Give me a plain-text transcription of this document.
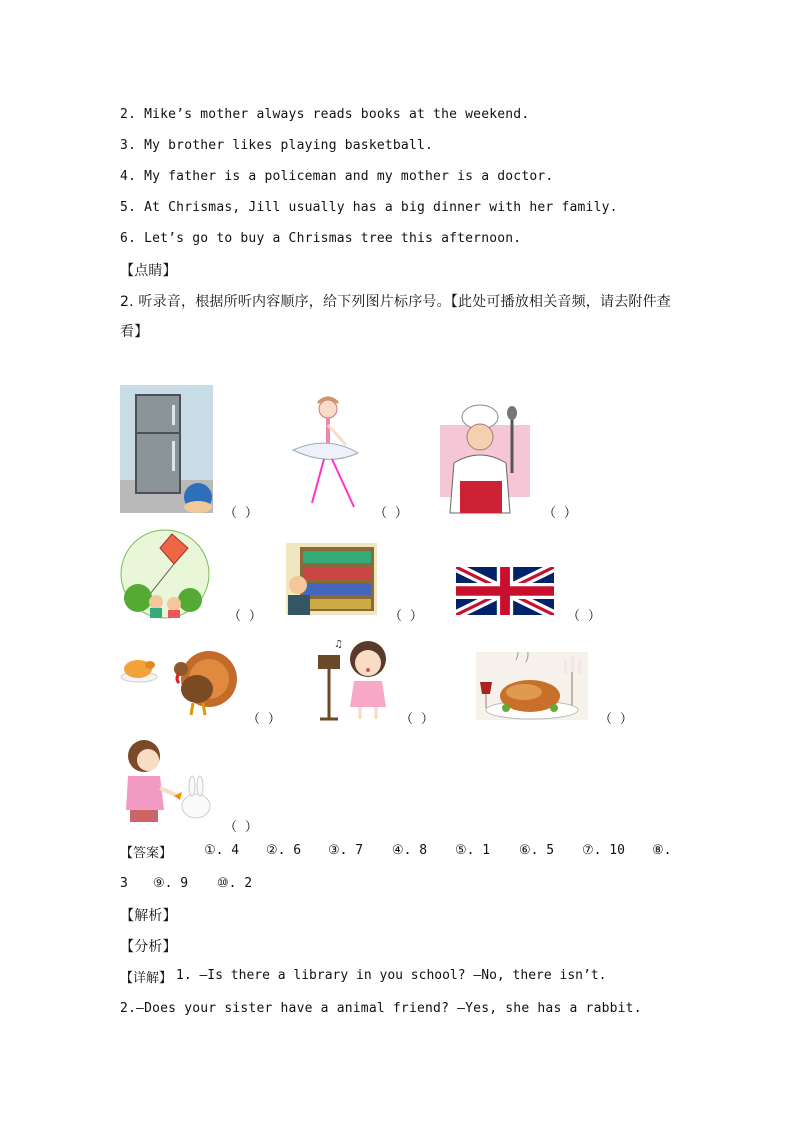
2. Mike’s mother always reads books at the weekend.
3. My brother likes playing basketball.
4. My father is a policeman and my mother is a doctor.
5. At Chrisma⁠s, Jill usually has a big dinner with her family.
6. Let’s go to buy a Chrismas tree this afternoon.
【点睛】
2. 听录音，根据所听内容顺序，给下列图片标序号。【此处可播放相关音频，请去附件查
看】
（ ）	（ ）	（ ）
（ ）	（ ）	（ ）
（ ）
♫
（ ）	（ ）
（ ）
【答案】 ①. 4 ②. 6 ③. 7 ④. 8 ⑤. 1 ⑥. 5 ⑦. 10 ⑧.
3 ⑨. 9 ⑩. 2
【解析】
【分析】
【详解】 1. —Is there a library in you school? —No, there isn’t.
2.—Does your sister have a animal friend? —Yes, she has a rabbit.
